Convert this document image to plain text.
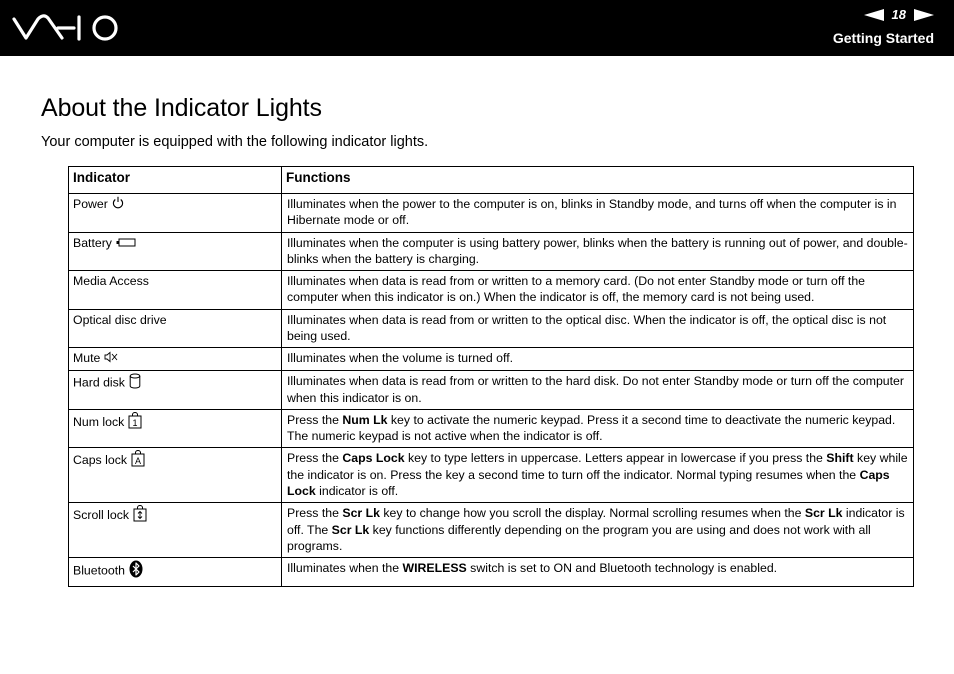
18
Getting Started
About the Indicator Lights

Your computer is equipped with the following indicator lights.

Indicator	Functions
Power	Illuminates when the power to the computer is on, blinks in Standby mode, and turns off when the computer is in Hibernate mode or off.
Battery	Illuminates when the computer is using battery power, blinks when the battery is running out of power, and double-blinks when the battery is charging.
Media Access	Illuminates when data is read from or written to a memory card. (Do not enter Standby mode or turn off the computer when this indicator is on.) When the indicator is off, the memory card is not being used.
Optical disc drive	Illuminates when data is read from or written to the optical disc. When the indicator is off, the optical disc is not being used.
Mute	Illuminates when the volume is turned off.
Hard disk	Illuminates when data is read from or written to the hard disk. Do not enter Standby mode or turn off the computer when this indicator is on.
Num lock 1	Press the Num Lk key to activate the numeric keypad. Press it a second time to deactivate the numeric keypad. The numeric keypad is not active when the indicator is off.
Caps lock A	Press the Caps Lock key to type letters in uppercase. Letters appear in lowercase if you press the Shift key while the indicator is on. Press the key a second time to turn off the indicator. Normal typing resumes when the Caps Lock indicator is off.
Scroll lock	Press the Scr Lk key to change how you scroll the display. Normal scrolling resumes when the Scr Lk indicator is off. The Scr Lk key functions differently depending on the program you are using and does not work with all programs.
Bluetooth	Illuminates when the WIRELESS switch is set to ON and Bluetooth technology is enabled.
